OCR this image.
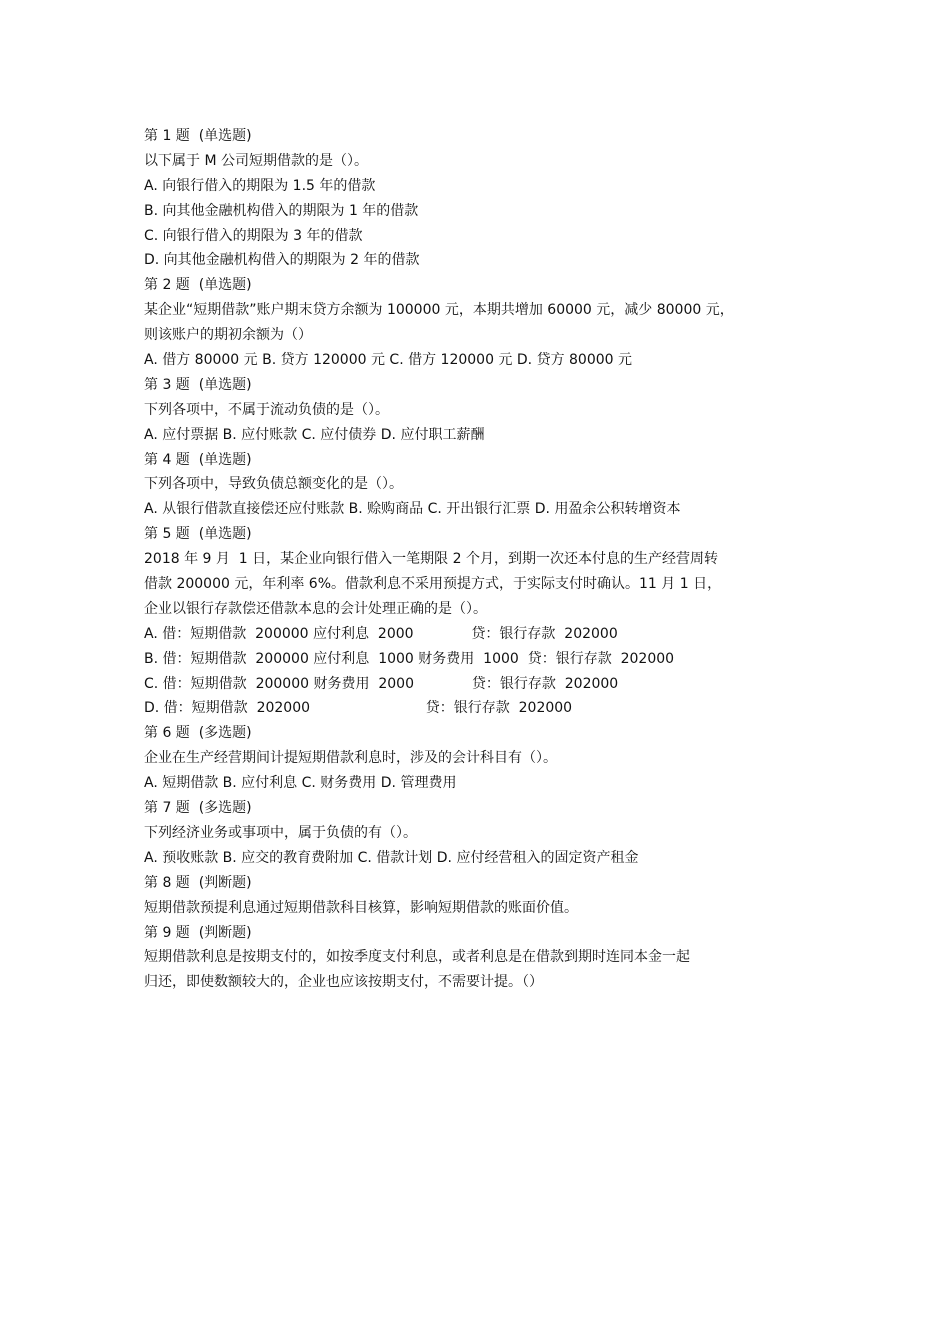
第 1 题  (单选题)
以下属于 M 公司短期借款的是（）。
A. 向银行借入的期限为 1.5 年的借款
B. 向其他金融机构借入的期限为 1 年的借款
C. 向银行借入的期限为 3 年的借款
D. 向其他金融机构借入的期限为 2 年的借款
第 2 题  (单选题)
某企业“短期借款”账户期末贷方余额为 100000 元，本期共增加 60000 元，减少 80000 元，
则该账户的期初余额为（）
A. 借方 80000 元 B. 贷方 120000 元 C. 借方 120000 元 D. 贷方 80000 元
第 3 题  (单选题)
下列各项中，不属于流动负债的是（）。
A. 应付票据 B. 应付账款 C. 应付债券 D. 应付职工薪酬
第 4 题  (单选题)
下列各项中，导致负债总额变化的是（）。
A. 从银行借款直接偿还应付账款 B. 赊购商品 C. 开出银行汇票 D. 用盈余公积转增资本
第 5 题  (单选题)
2018 年 9 月  1 日，某企业向银行借入一笔期限 2 个月，到期一次还本付息的生产经营周转
借款 200000 元，年利率 6%。借款利息不采用预提方式，于实际支付时确认。11 月 1 日，
企业以银行存款偿还借款本息的会计处理正确的是（）。
A. 借：短期借款  200000 应付利息  2000             贷：银行存款  202000
B. 借：短期借款  200000 应付利息  1000 财务费用  1000  贷：银行存款  202000
C. 借：短期借款  200000 财务费用  2000             贷：银行存款  202000
D. 借：短期借款  202000                          贷：银行存款  202000
第 6 题  (多选题)
企业在生产经营期间计提短期借款利息时，涉及的会计科目有（）。
A. 短期借款 B. 应付利息 C. 财务费用 D. 管理费用
第 7 题  (多选题)
下列经济业务或事项中，属于负债的有（）。
A. 预收账款 B. 应交的教育费附加 C. 借款计划 D. 应付经营租入的固定资产租金
第 8 题  (判断题)
短期借款预提利息通过短期借款科目核算，影响短期借款的账面价值。
第 9 题  (判断题)
短期借款利息是按期支付的，如按季度支付利息，或者利息是在借款到期时连同本金一起
归还，即使数额较大的，企业也应该按期支付，不需要计提。（）
